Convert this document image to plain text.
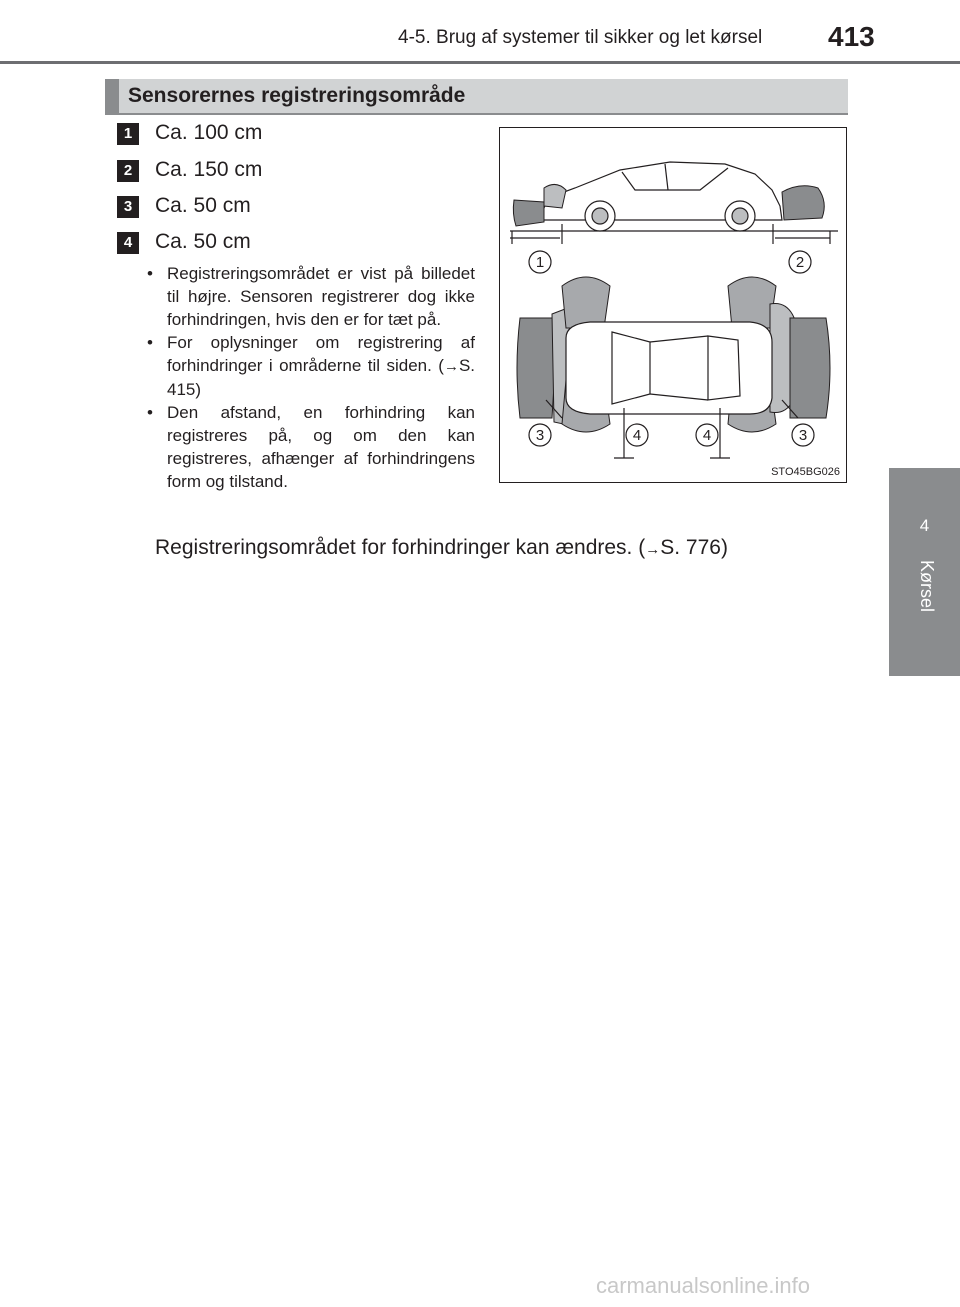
4-5. Brug af systemer til sikker og let kørsel 413
4
Kørsel
Sensorernes registreringsområde
1	Ca. 100 cm
2	Ca. 150 cm
3	Ca. 50 cm
4	Ca. 50 cm
• Registreringsområdet er vist på billedet til højre. Sensoren registrerer dog ikke forhindringen, hvis den er for tæt på.
• For oplysninger om registrering af forhindringer i områderne til siden. (→S. 415)
• Den afstand, en forhindring kan registreres på, og om den kan registreres, afhænger af forhindringens form og tilstand.
Registreringsområdet for forhindringer kan ændres. (→S. 776)
1	2
3	4	4	3
STO45BG026
carmanualsonline.info
